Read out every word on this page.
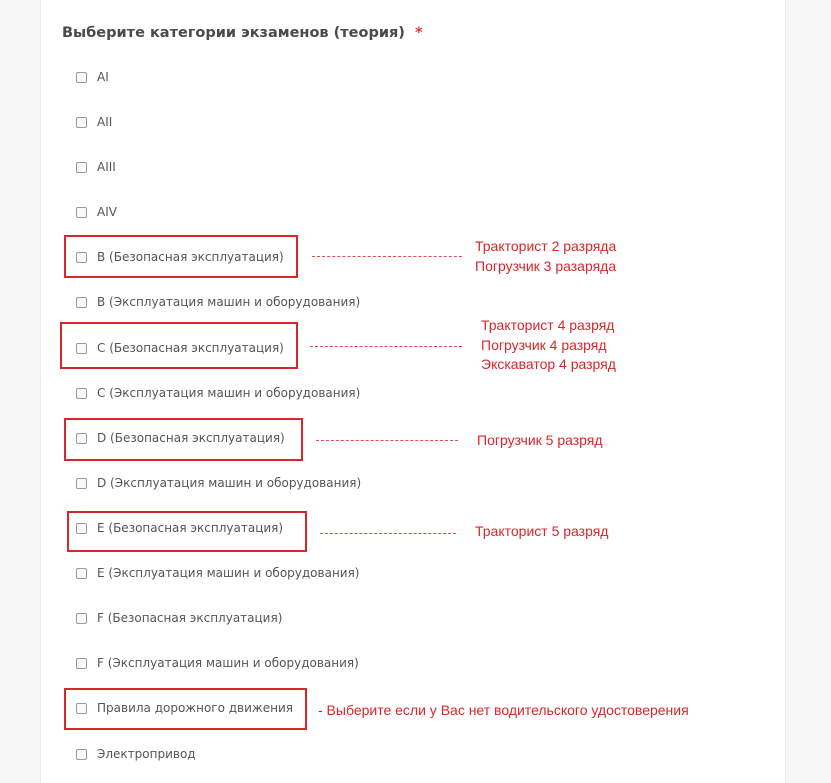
Выберите категории экзаменов (теория) *
AI
AII
AIII
AIV
B (Безопасная эксплуатация)
B (Эксплуатация машин и оборудования)
C (Безопасная эксплуатация)
C (Эксплуатация машин и оборудования)
D (Безопасная эксплуатация)
D (Эксплуатация машин и оборудования)
E (Безопасная эксплуатация)
E (Эксплуатация машин и оборудования)
F (Безопасная эксплуатация)
F (Эксплуатация машин и оборудования)
Правила дорожного движения
Электропривод
Тракторист 2 разряда
Погрузчик 3 разаряда
Тракторист 4 разряд
Погрузчик 4 разряд
Экскаватор 4 разряд
Погрузчик 5 разряд
Тракторист 5 разряд
- Выберите если у Вас нет водительского удостоверения
